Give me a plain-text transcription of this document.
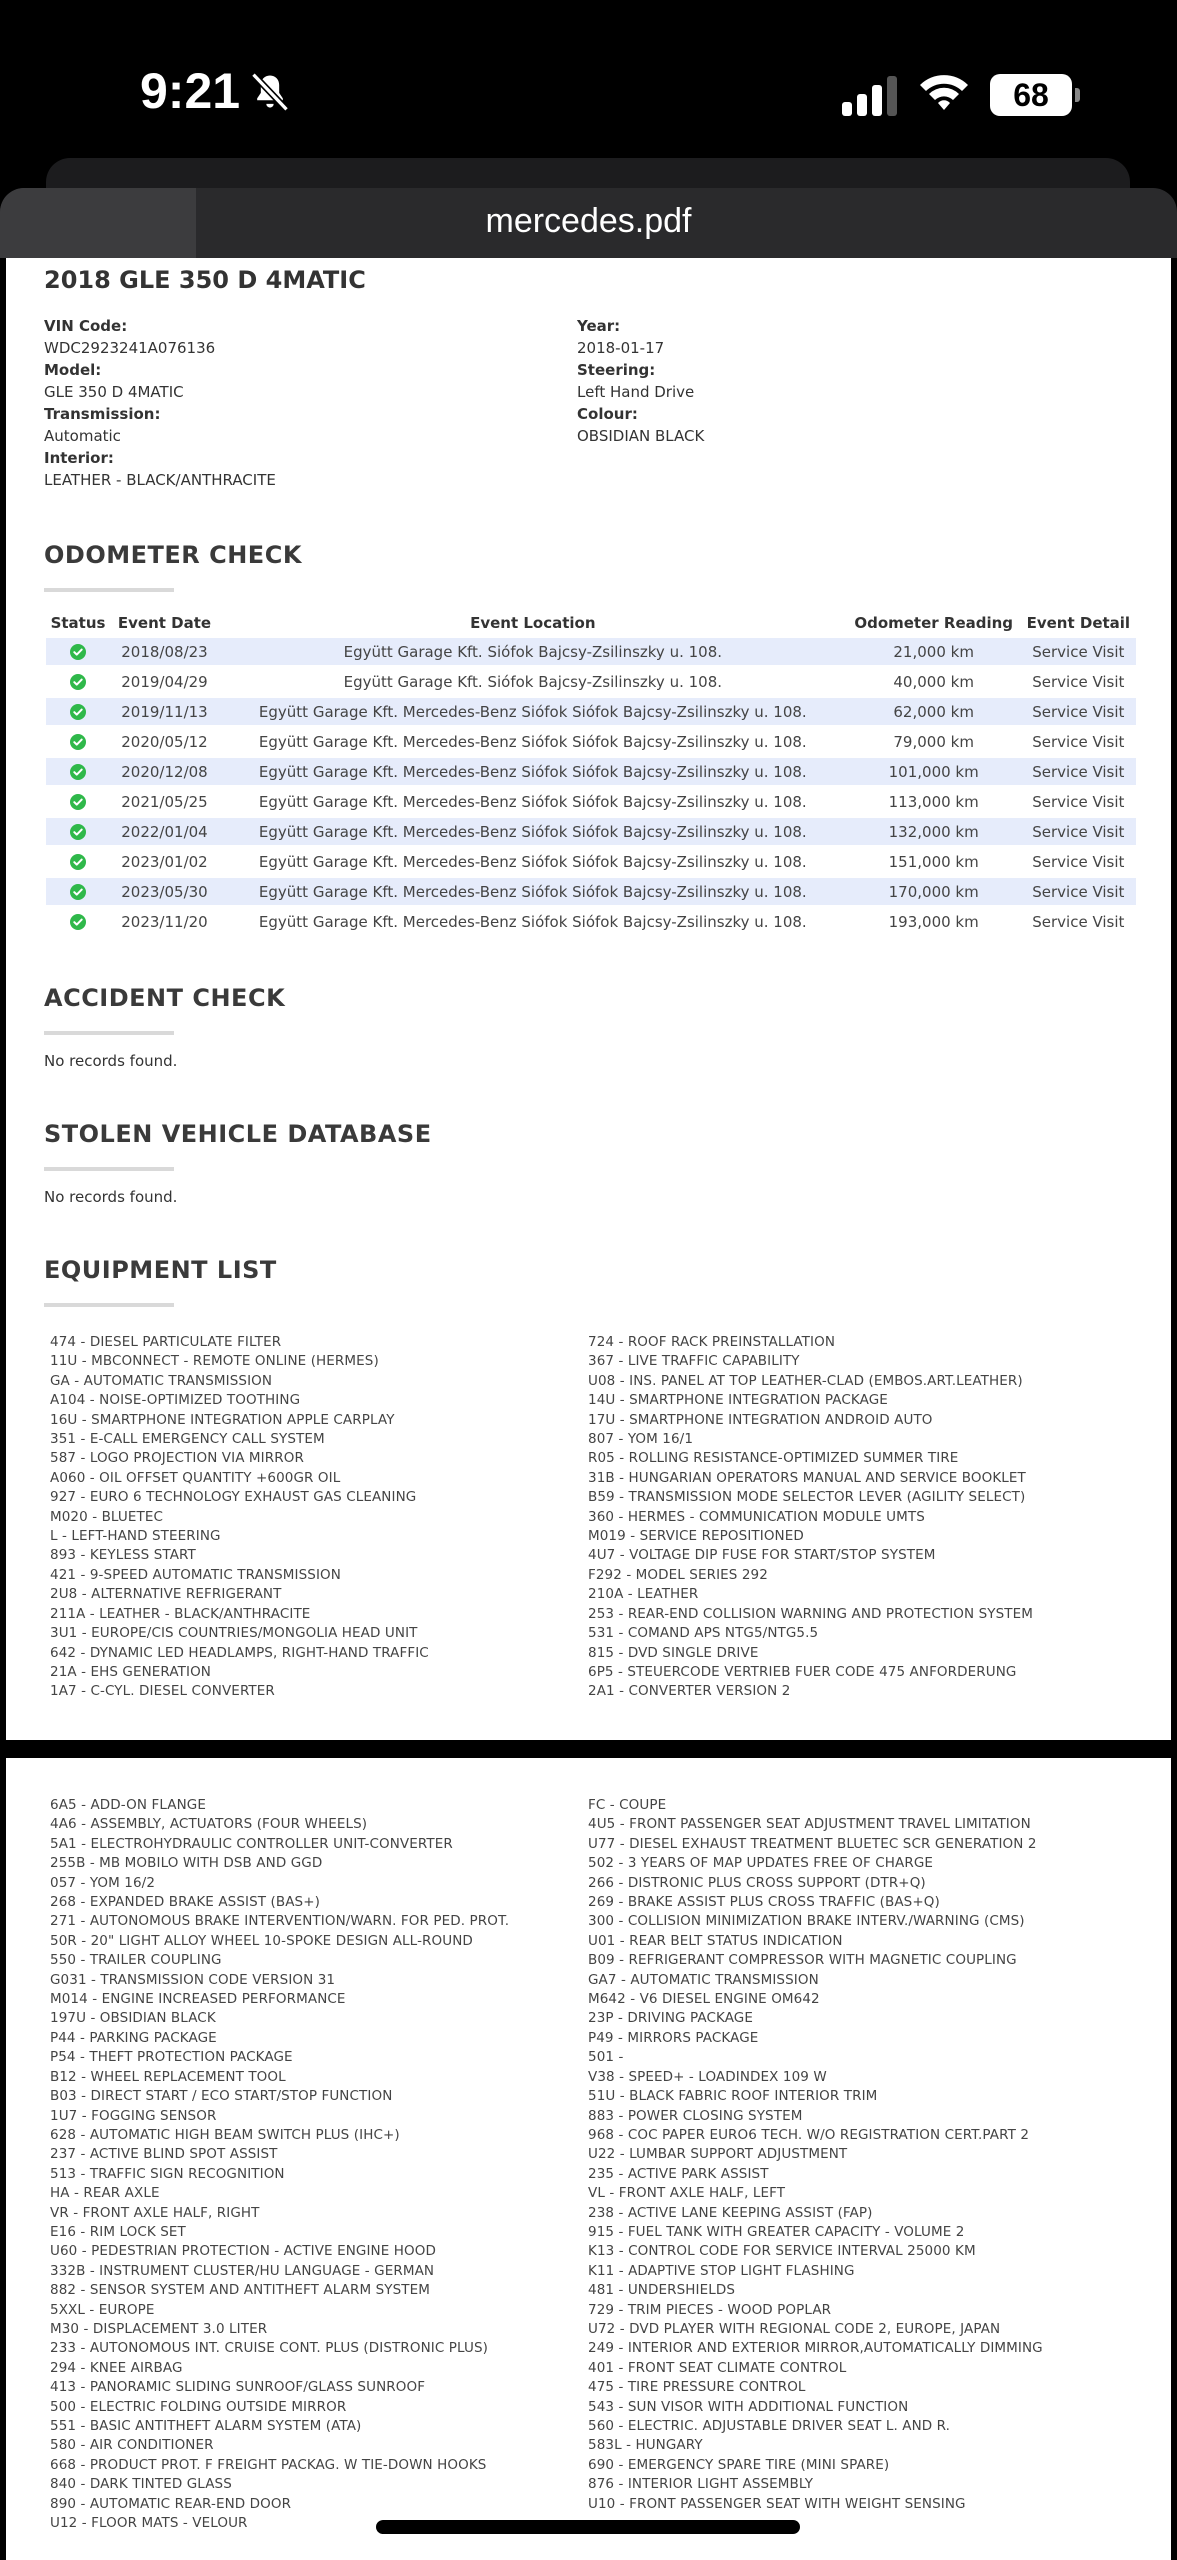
9:21	68
mercedes.pdf
2018 GLE 350 D 4MATIC
VIN Code:
WDC2923241A076136
Model:
GLE 350 D 4MATIC
Transmission:
Automatic
Interior:
LEATHER - BLACK/ANTHRACITE
Year:
2018-01-17
Steering:
Left Hand Drive
Colour:
OBSIDIAN BLACK
ODOMETER CHECK
Status	Event Date	Event Location	Odometer Reading	Event Detail
	2018/08/23	Együtt Garage Kft. Siófok Bajcsy-Zsilinszky u. 108.	21,000 km	Service Visit
	2019/04/29	Együtt Garage Kft. Siófok Bajcsy-Zsilinszky u. 108.	40,000 km	Service Visit
	2019/11/13	Együtt Garage Kft. Mercedes-Benz Siófok Siófok Bajcsy-Zsilinszky u. 108.	62,000 km	Service Visit
	2020/05/12	Együtt Garage Kft. Mercedes-Benz Siófok Siófok Bajcsy-Zsilinszky u. 108.	79,000 km	Service Visit
	2020/12/08	Együtt Garage Kft. Mercedes-Benz Siófok Siófok Bajcsy-Zsilinszky u. 108.	101,000 km	Service Visit
	2021/05/25	Együtt Garage Kft. Mercedes-Benz Siófok Siófok Bajcsy-Zsilinszky u. 108.	113,000 km	Service Visit
	2022/01/04	Együtt Garage Kft. Mercedes-Benz Siófok Siófok Bajcsy-Zsilinszky u. 108.	132,000 km	Service Visit
	2023/01/02	Együtt Garage Kft. Mercedes-Benz Siófok Siófok Bajcsy-Zsilinszky u. 108.	151,000 km	Service Visit
	2023/05/30	Együtt Garage Kft. Mercedes-Benz Siófok Siófok Bajcsy-Zsilinszky u. 108.	170,000 km	Service Visit
	2023/11/20	Együtt Garage Kft. Mercedes-Benz Siófok Siófok Bajcsy-Zsilinszky u. 108.	193,000 km	Service Visit
ACCIDENT CHECK
No records found.
STOLEN VEHICLE DATABASE
No records found.
EQUIPMENT LIST
474 - DIESEL PARTICULATE FILTER
11U - MBCONNECT - REMOTE ONLINE (HERMES)
GA - AUTOMATIC TRANSMISSION
A104 - NOISE-OPTIMIZED TOOTHING
16U - SMARTPHONE INTEGRATION APPLE CARPLAY
351 - E-CALL EMERGENCY CALL SYSTEM
587 - LOGO PROJECTION VIA MIRROR
A060 - OIL OFFSET QUANTITY +600GR OIL
927 - EURO 6 TECHNOLOGY EXHAUST GAS CLEANING
M020 - BLUETEC
L - LEFT-HAND STEERING
893 - KEYLESS START
421 - 9-SPEED AUTOMATIC TRANSMISSION
2U8 - ALTERNATIVE REFRIGERANT
211A - LEATHER - BLACK/ANTHRACITE
3U1 - EUROPE/CIS COUNTRIES/MONGOLIA HEAD UNIT
642 - DYNAMIC LED HEADLAMPS, RIGHT-HAND TRAFFIC
21A - EHS GENERATION
1A7 - C-CYL. DIESEL CONVERTER
724 - ROOF RACK PREINSTALLATION
367 - LIVE TRAFFIC CAPABILITY
U08 - INS. PANEL AT TOP LEATHER-CLAD (EMBOS.ART.LEATHER)
14U - SMARTPHONE INTEGRATION PACKAGE
17U - SMARTPHONE INTEGRATION ANDROID AUTO
807 - YOM 16/1
R05 - ROLLING RESISTANCE-OPTIMIZED SUMMER TIRE
31B - HUNGARIAN OPERATORS MANUAL AND SERVICE BOOKLET
B59 - TRANSMISSION MODE SELECTOR LEVER (AGILITY SELECT)
360 - HERMES - COMMUNICATION MODULE UMTS
M019 - SERVICE REPOSITIONED
4U7 - VOLTAGE DIP FUSE FOR START/STOP SYSTEM
F292 - MODEL SERIES 292
210A - LEATHER
253 - REAR-END COLLISION WARNING AND PROTECTION SYSTEM
531 - COMAND APS NTG5/NTG5.5
815 - DVD SINGLE DRIVE
6P5 - STEUERCODE VERTRIEB FUER CODE 475 ANFORDERUNG
2A1 - CONVERTER VERSION 2
6A5 - ADD-ON FLANGE
4A6 - ASSEMBLY, ACTUATORS (FOUR WHEELS)
5A1 - ELECTROHYDRAULIC CONTROLLER UNIT-CONVERTER
255B - MB MOBILO WITH DSB AND GGD
057 - YOM 16/2
268 - EXPANDED BRAKE ASSIST (BAS+)
271 - AUTONOMOUS BRAKE INTERVENTION/WARN. FOR PED. PROT.
50R - 20" LIGHT ALLOY WHEEL 10-SPOKE DESIGN ALL-ROUND
550 - TRAILER COUPLING
G031 - TRANSMISSION CODE VERSION 31
M014 - ENGINE INCREASED PERFORMANCE
197U - OBSIDIAN BLACK
P44 - PARKING PACKAGE
P54 - THEFT PROTECTION PACKAGE
B12 - WHEEL REPLACEMENT TOOL
B03 - DIRECT START / ECO START/STOP FUNCTION
1U7 - FOGGING SENSOR
628 - AUTOMATIC HIGH BEAM SWITCH PLUS (IHC+)
237 - ACTIVE BLIND SPOT ASSIST
513 - TRAFFIC SIGN RECOGNITION
HA - REAR AXLE
VR - FRONT AXLE HALF, RIGHT
E16 - RIM LOCK SET
U60 - PEDESTRIAN PROTECTION - ACTIVE ENGINE HOOD
332B - INSTRUMENT CLUSTER/HU LANGUAGE - GERMAN
882 - SENSOR SYSTEM AND ANTITHEFT ALARM SYSTEM
5XXL - EUROPE
M30 - DISPLACEMENT 3.0 LITER
233 - AUTONOMOUS INT. CRUISE CONT. PLUS (DISTRONIC PLUS)
294 - KNEE AIRBAG
413 - PANORAMIC SLIDING SUNROOF/GLASS SUNROOF
500 - ELECTRIC FOLDING OUTSIDE MIRROR
551 - BASIC ANTITHEFT ALARM SYSTEM (ATA)
580 - AIR CONDITIONER
668 - PRODUCT PROT. F FREIGHT PACKAG. W TIE-DOWN HOOKS
840 - DARK TINTED GLASS
890 - AUTOMATIC REAR-END DOOR
U12 - FLOOR MATS - VELOUR
FC - COUPE
4U5 - FRONT PASSENGER SEAT ADJUSTMENT TRAVEL LIMITATION
U77 - DIESEL EXHAUST TREATMENT BLUETEC SCR GENERATION 2
502 - 3 YEARS OF MAP UPDATES FREE OF CHARGE
266 - DISTRONIC PLUS CROSS SUPPORT (DTR+Q)
269 - BRAKE ASSIST PLUS CROSS TRAFFIC (BAS+Q)
300 - COLLISION MINIMIZATION BRAKE INTERV./WARNING (CMS)
U01 - REAR BELT STATUS INDICATION
B09 - REFRIGERANT COMPRESSOR WITH MAGNETIC COUPLING
GA7 - AUTOMATIC TRANSMISSION
M642 - V6 DIESEL ENGINE OM642
23P - DRIVING PACKAGE
P49 - MIRRORS PACKAGE
501 -
V38 - SPEED+ - LOADINDEX 109 W
51U - BLACK FABRIC ROOF INTERIOR TRIM
883 - POWER CLOSING SYSTEM
968 - COC PAPER EURO6 TECH. W/O REGISTRATION CERT.PART 2
U22 - LUMBAR SUPPORT ADJUSTMENT
235 - ACTIVE PARK ASSIST
VL - FRONT AXLE HALF, LEFT
238 - ACTIVE LANE KEEPING ASSIST (FAP)
915 - FUEL TANK WITH GREATER CAPACITY - VOLUME 2
K13 - CONTROL CODE FOR SERVICE INTERVAL 25000 KM
K11 - ADAPTIVE STOP LIGHT FLASHING
481 - UNDERSHIELDS
729 - TRIM PIECES - WOOD POPLAR
U72 - DVD PLAYER WITH REGIONAL CODE 2, EUROPE, JAPAN
249 - INTERIOR AND EXTERIOR MIRROR,AUTOMATICALLY DIMMING
401 - FRONT SEAT CLIMATE CONTROL
475 - TIRE PRESSURE CONTROL
543 - SUN VISOR WITH ADDITIONAL FUNCTION
560 - ELECTRIC. ADJUSTABLE DRIVER SEAT L. AND R.
583L - HUNGARY
690 - EMERGENCY SPARE TIRE (MINI SPARE)
876 - INTERIOR LIGHT ASSEMBLY
U10 - FRONT PASSENGER SEAT WITH WEIGHT SENSING
